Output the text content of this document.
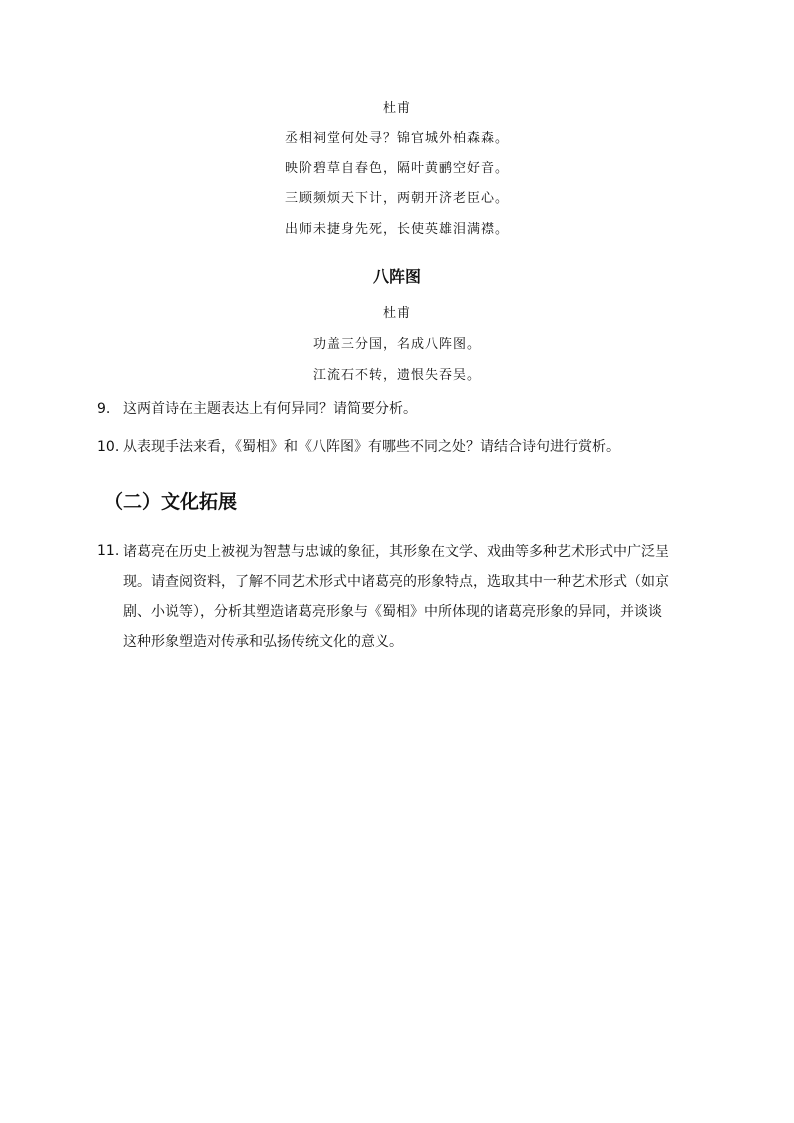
杜甫
丞相祠堂何处寻？锦官城外柏森森。
映阶碧草自春色，隔叶黄鹂空好音。
三顾频烦天下计，两朝开济老臣心。
出师未捷身先死，长使英雄泪满襟。
八阵图
杜甫
功盖三分国，名成八阵图。
江流石不转，遗恨失吞吴。
9. 这两首诗在主题表达上有何异同？请简要分析。
10. 从表现手法来看，《蜀相》和《八阵图》有哪些不同之处？请结合诗句进行赏析。
（二）文化拓展
11. 诸葛亮在历史上被视为智慧与忠诚的象征，其形象在文学、戏曲等多种艺术形式中广泛呈
现。请查阅资料，了解不同艺术形式中诸葛亮的形象特点，选取其中一种艺术形式（如京
剧、小说等），分析其塑造诸葛亮形象与《蜀相》中所体现的诸葛亮形象的异同，并谈谈
这种形象塑造对传承和弘扬传统文化的意义。
